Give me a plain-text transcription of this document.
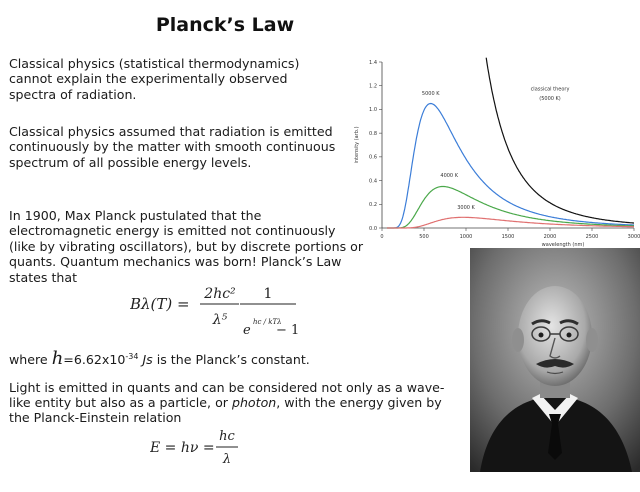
Planck’s Law
Classical physics (statistical thermodynamics) cannot explain the experimentally observed spectra of radiation.
Classical physics assumed that radiation is emitted continuously by the matter with smooth continuous spectrum of all possible energy levels.
In 1900, Max Planck pustulated that the electromagnetic energy is emitted not continuously (like by vibrating oscillators), but by discrete portions or quants. Quantum mechanics was born! Planck’s Law states that
Bλ(T) =
2hc²
λ⁵
1
e
hc / kTλ
− 1
where $h=6.62x10^{-34}$ Js is the Planck’s constant.
Light is emitted in quants and can be considered not only as a wave-like entity but also as a particle, or photon, with the energy given by the Planck-Einstein relation
E = hν =
hc
λ
0.0
0.2
0.4
0.6
0.8
1.0
1.2
1.4
0	500	1000	1500	2000	2500	3000
wavelength (nm)
intensity (arb.)
5000 K
4000 K
3000 K
classical theory
(5000 K)
